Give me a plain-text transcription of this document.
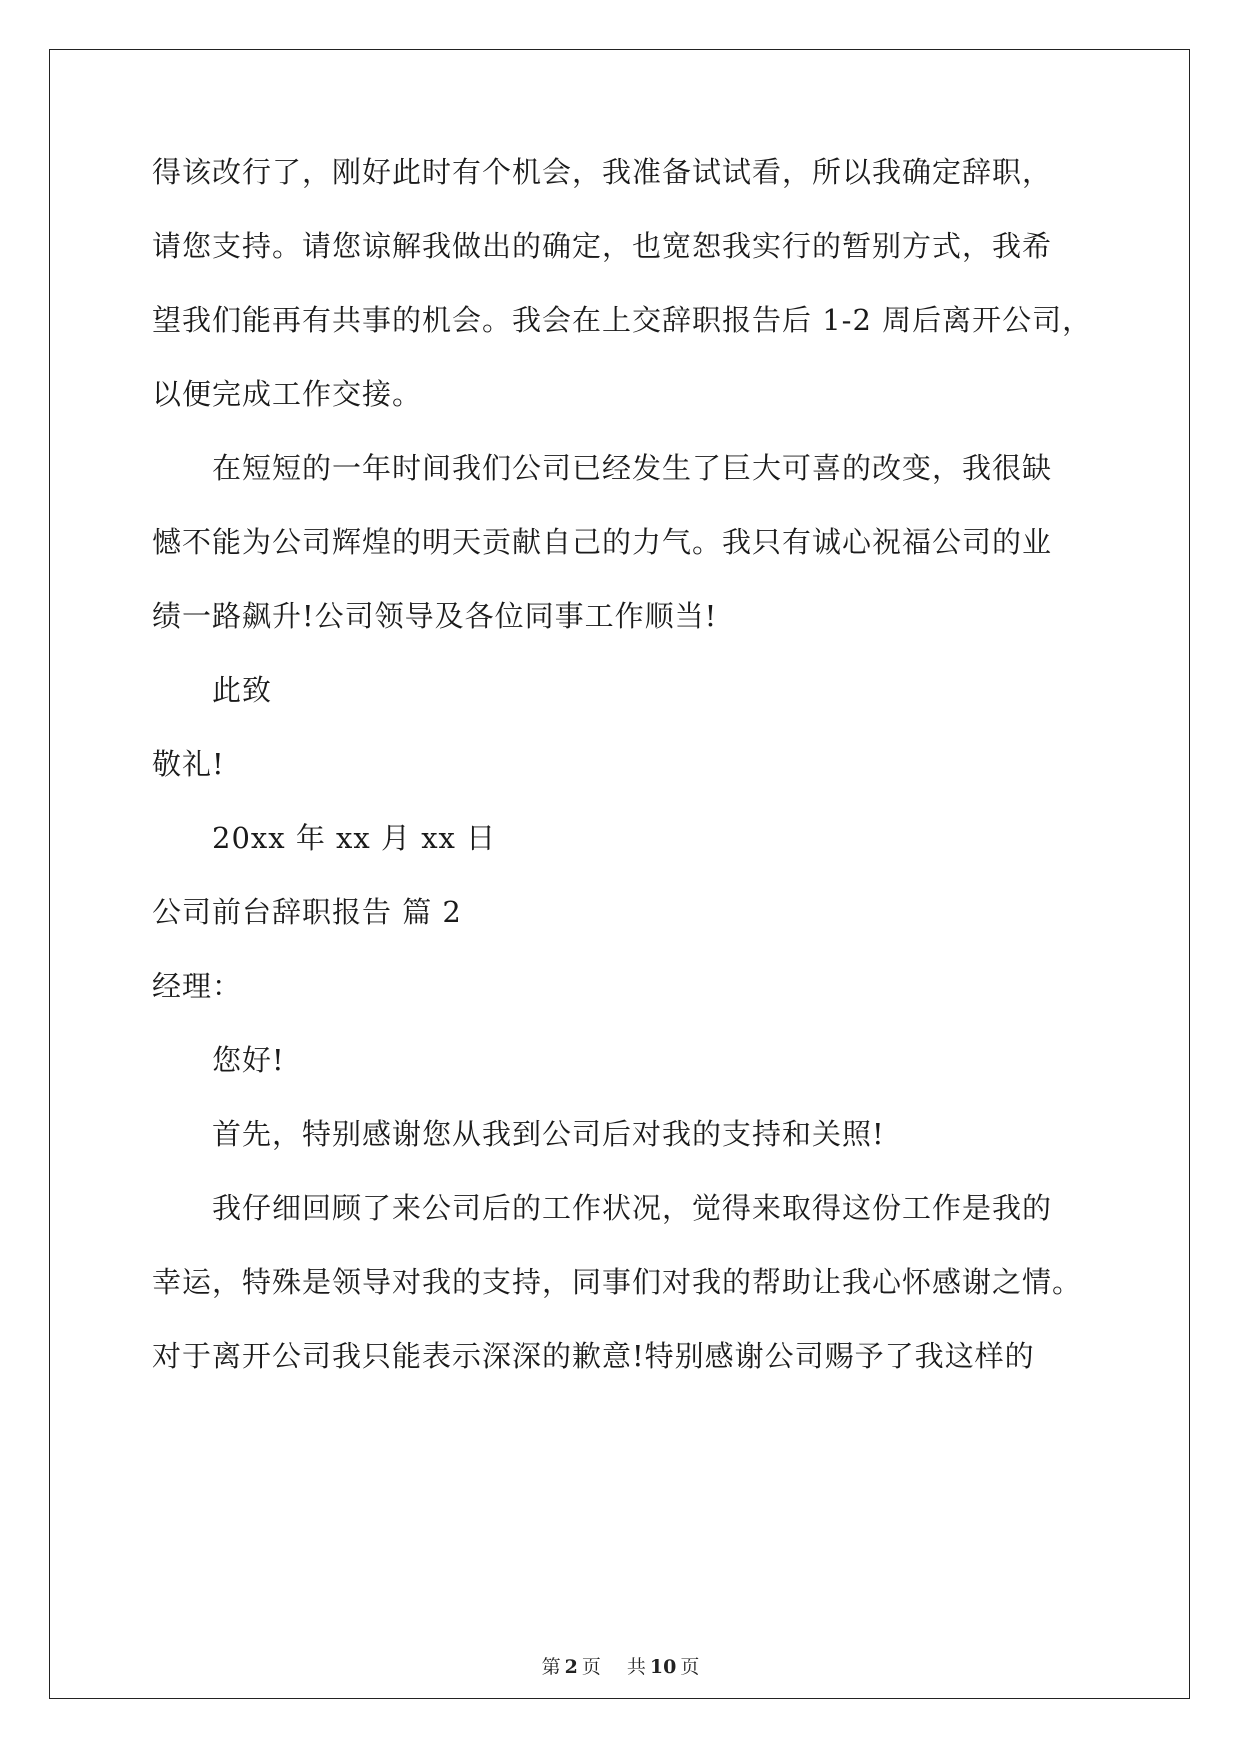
得该改行了，刚好此时有个机会，我准备试试看，所以我确定辞职，
请您支持。请您谅解我做出的确定，也宽恕我实行的暂别方式，我希
望我们能再有共事的机会。我会在上交辞职报告后 1-2 周后离开公司，
以便完成工作交接。
在短短的一年时间我们公司已经发生了巨大可喜的改变，我很缺
憾不能为公司辉煌的明天贡献自己的力气。我只有诚心祝福公司的业
绩一路飙升!公司领导及各位同事工作顺当!
此致
敬礼!
20xx 年 xx 月 xx 日
公司前台辞职报告 篇 2
经理：
您好!
首先，特别感谢您从我到公司后对我的支持和关照!
我仔细回顾了来公司后的工作状况，觉得来取得这份工作是我的
幸运，特殊是领导对我的支持，同事们对我的帮助让我心怀感谢之情。
对于离开公司我只能表示深深的歉意!特别感谢公司赐予了我这样的
第 2 页 共 10 页
